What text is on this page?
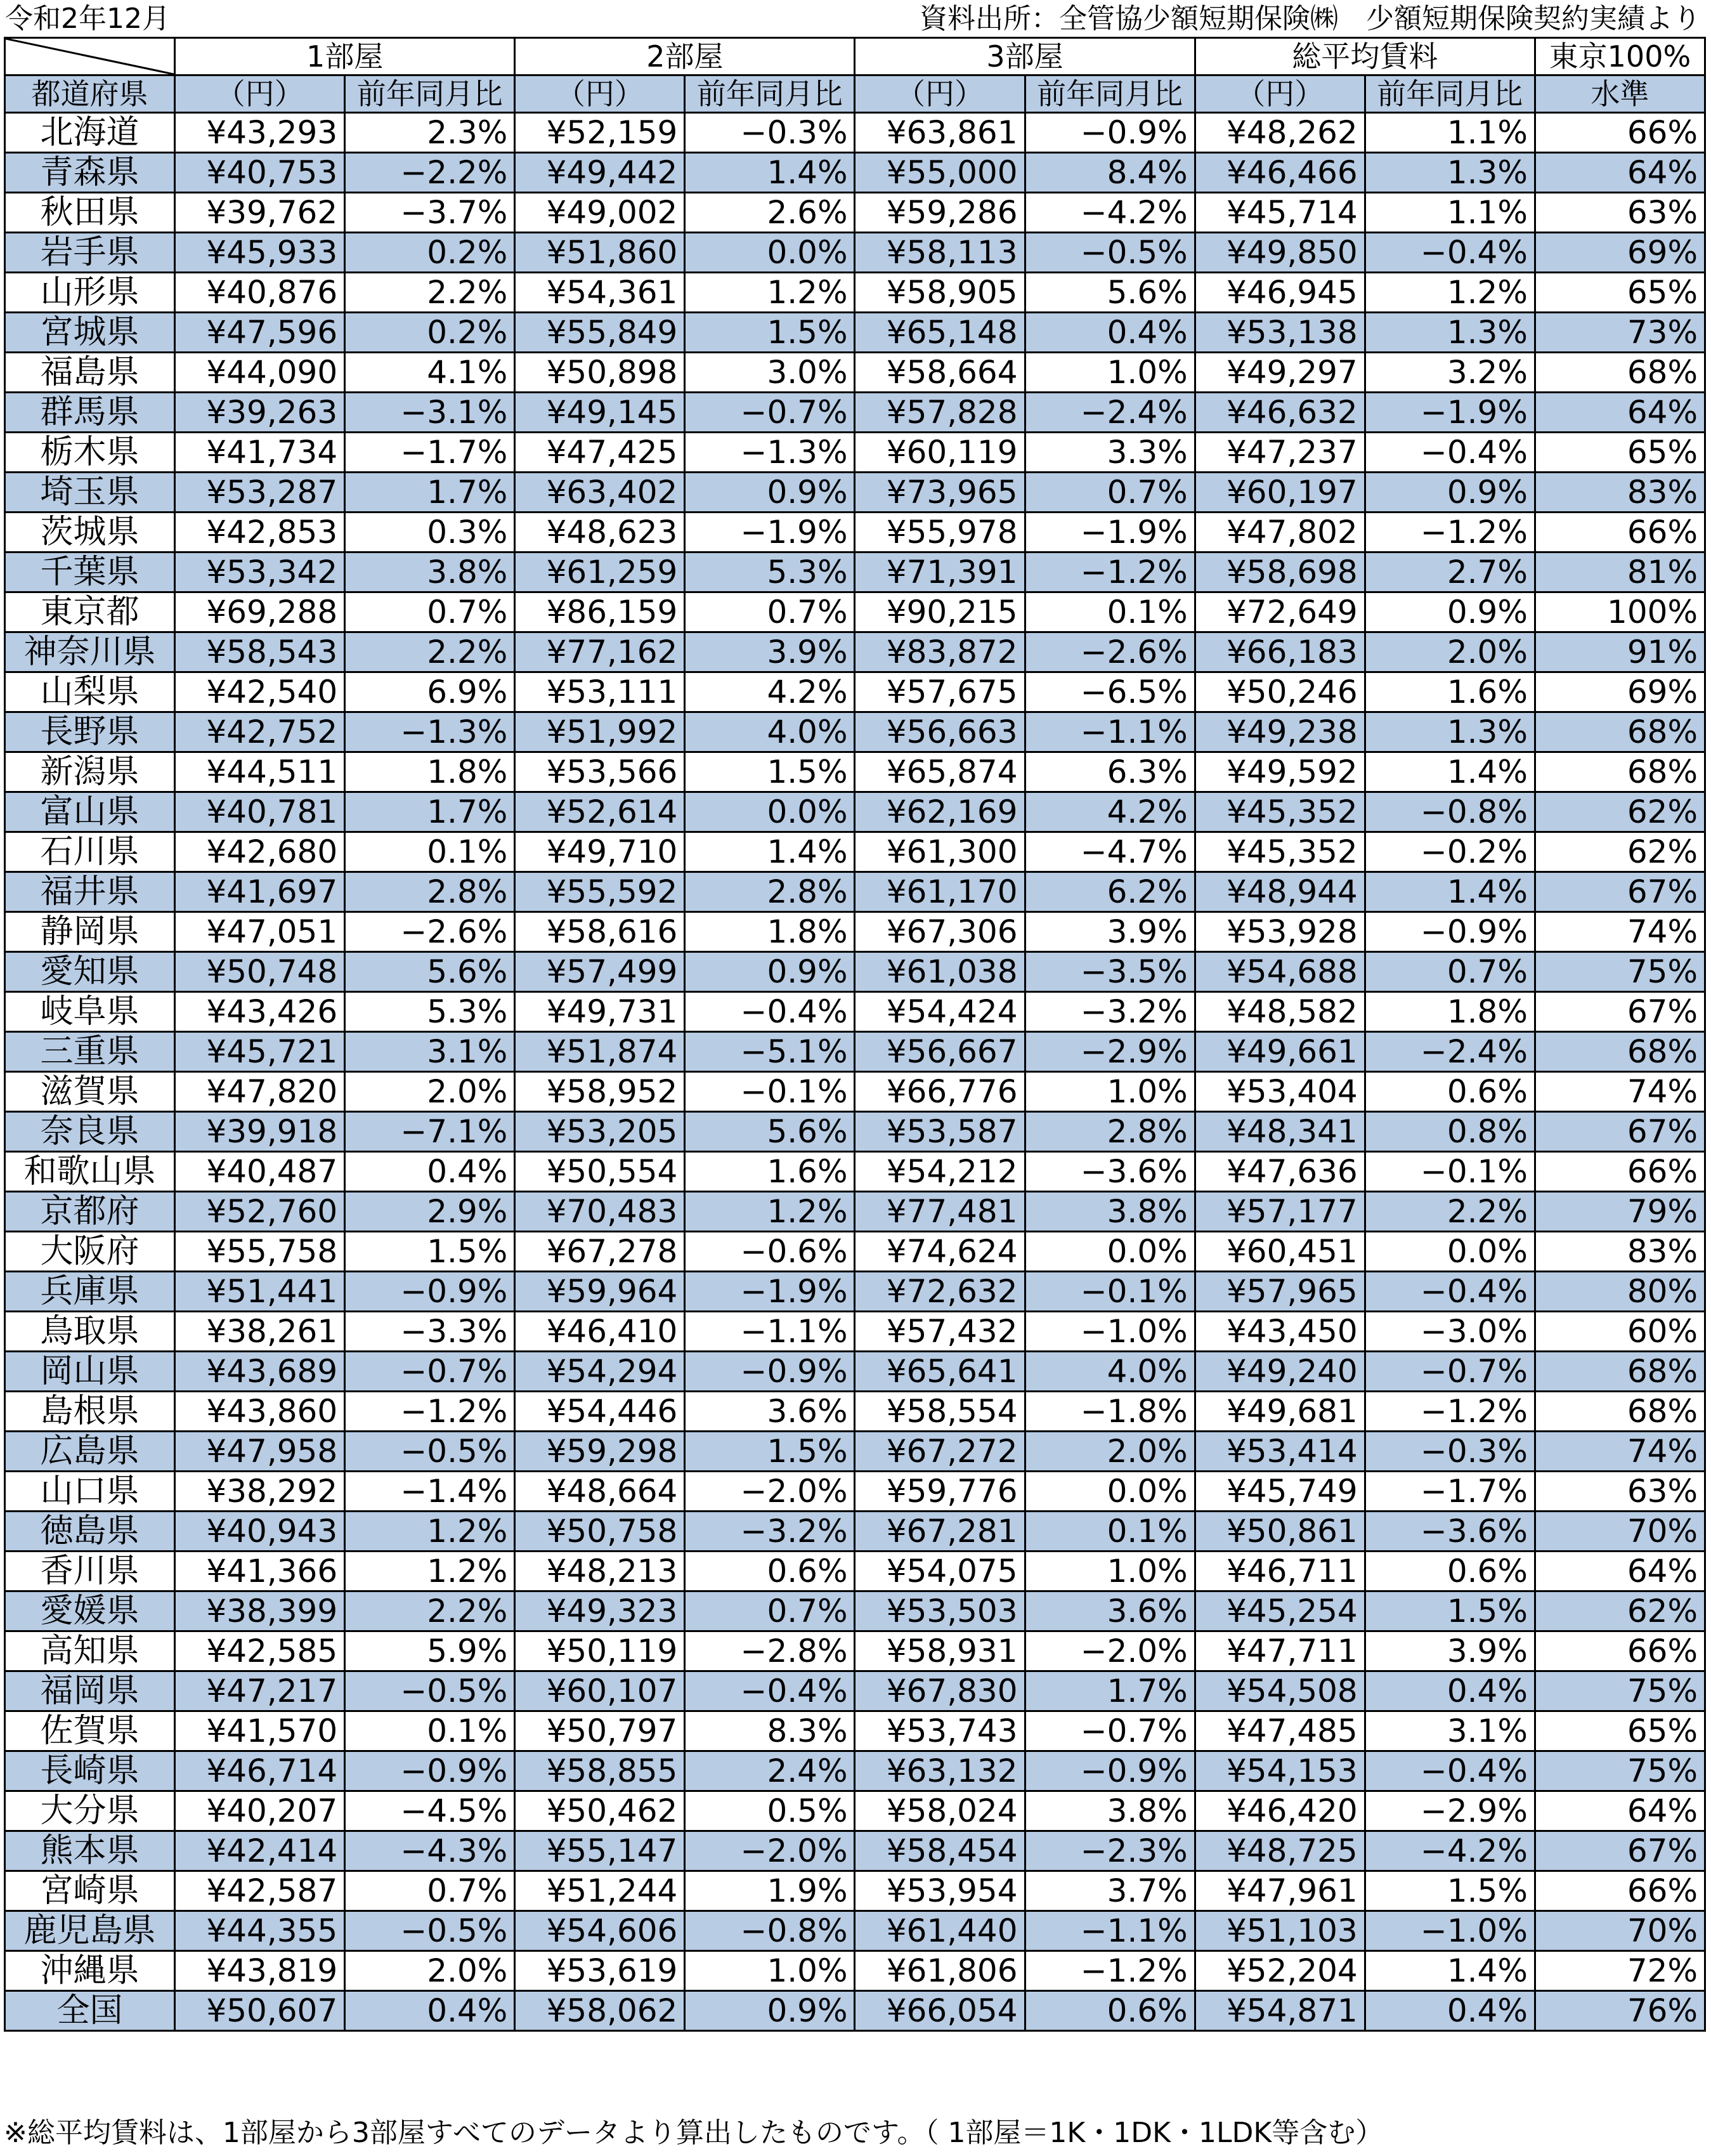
令和2年12月	資料出所：全管協少額短期保険㈱　少額短期保険契約実績より
	1部屋		2部屋		3部屋		総平均賃料		東京100%
都道府県	（円）	前年同月比	（円）	前年同月比	（円）	前年同月比	（円）	前年同月比	水準
北海道	¥43,293	2.3%	¥52,159	−0.3%	¥63,861	−0.9%	¥48,262	1.1%	66%
青森県	¥40,753	−2.2%	¥49,442	1.4%	¥55,000	8.4%	¥46,466	1.3%	64%
秋田県	¥39,762	−3.7%	¥49,002	2.6%	¥59,286	−4.2%	¥45,714	1.1%	63%
岩手県	¥45,933	0.2%	¥51,860	0.0%	¥58,113	−0.5%	¥49,850	−0.4%	69%
山形県	¥40,876	2.2%	¥54,361	1.2%	¥58,905	5.6%	¥46,945	1.2%	65%
宮城県	¥47,596	0.2%	¥55,849	1.5%	¥65,148	0.4%	¥53,138	1.3%	73%
福島県	¥44,090	4.1%	¥50,898	3.0%	¥58,664	1.0%	¥49,297	3.2%	68%
群馬県	¥39,263	−3.1%	¥49,145	−0.7%	¥57,828	−2.4%	¥46,632	−1.9%	64%
栃木県	¥41,734	−1.7%	¥47,425	−1.3%	¥60,119	3.3%	¥47,237	−0.4%	65%
埼玉県	¥53,287	1.7%	¥63,402	0.9%	¥73,965	0.7%	¥60,197	0.9%	83%
茨城県	¥42,853	0.3%	¥48,623	−1.9%	¥55,978	−1.9%	¥47,802	−1.2%	66%
千葉県	¥53,342	3.8%	¥61,259	5.3%	¥71,391	−1.2%	¥58,698	2.7%	81%
東京都	¥69,288	0.7%	¥86,159	0.7%	¥90,215	0.1%	¥72,649	0.9%	100%
神奈川県	¥58,543	2.2%	¥77,162	3.9%	¥83,872	−2.6%	¥66,183	2.0%	91%
山梨県	¥42,540	6.9%	¥53,111	4.2%	¥57,675	−6.5%	¥50,246	1.6%	69%
長野県	¥42,752	−1.3%	¥51,992	4.0%	¥56,663	−1.1%	¥49,238	1.3%	68%
新潟県	¥44,511	1.8%	¥53,566	1.5%	¥65,874	6.3%	¥49,592	1.4%	68%
富山県	¥40,781	1.7%	¥52,614	0.0%	¥62,169	4.2%	¥45,352	−0.8%	62%
石川県	¥42,680	0.1%	¥49,710	1.4%	¥61,300	−4.7%	¥45,352	−0.2%	62%
福井県	¥41,697	2.8%	¥55,592	2.8%	¥61,170	6.2%	¥48,944	1.4%	67%
静岡県	¥47,051	−2.6%	¥58,616	1.8%	¥67,306	3.9%	¥53,928	−0.9%	74%
愛知県	¥50,748	5.6%	¥57,499	0.9%	¥61,038	−3.5%	¥54,688	0.7%	75%
岐阜県	¥43,426	5.3%	¥49,731	−0.4%	¥54,424	−3.2%	¥48,582	1.8%	67%
三重県	¥45,721	3.1%	¥51,874	−5.1%	¥56,667	−2.9%	¥49,661	−2.4%	68%
滋賀県	¥47,820	2.0%	¥58,952	−0.1%	¥66,776	1.0%	¥53,404	0.6%	74%
奈良県	¥39,918	−7.1%	¥53,205	5.6%	¥53,587	2.8%	¥48,341	0.8%	67%
和歌山県	¥40,487	0.4%	¥50,554	1.6%	¥54,212	−3.6%	¥47,636	−0.1%	66%
京都府	¥52,760	2.9%	¥70,483	1.2%	¥77,481	3.8%	¥57,177	2.2%	79%
大阪府	¥55,758	1.5%	¥67,278	−0.6%	¥74,624	0.0%	¥60,451	0.0%	83%
兵庫県	¥51,441	−0.9%	¥59,964	−1.9%	¥72,632	−0.1%	¥57,965	−0.4%	80%
鳥取県	¥38,261	−3.3%	¥46,410	−1.1%	¥57,432	−1.0%	¥43,450	−3.0%	60%
岡山県	¥43,689	−0.7%	¥54,294	−0.9%	¥65,641	4.0%	¥49,240	−0.7%	68%
島根県	¥43,860	−1.2%	¥54,446	3.6%	¥58,554	−1.8%	¥49,681	−1.2%	68%
広島県	¥47,958	−0.5%	¥59,298	1.5%	¥67,272	2.0%	¥53,414	−0.3%	74%
山口県	¥38,292	−1.4%	¥48,664	−2.0%	¥59,776	0.0%	¥45,749	−1.7%	63%
徳島県	¥40,943	1.2%	¥50,758	−3.2%	¥67,281	0.1%	¥50,861	−3.6%	70%
香川県	¥41,366	1.2%	¥48,213	0.6%	¥54,075	1.0%	¥46,711	0.6%	64%
愛媛県	¥38,399	2.2%	¥49,323	0.7%	¥53,503	3.6%	¥45,254	1.5%	62%
高知県	¥42,585	5.9%	¥50,119	−2.8%	¥58,931	−2.0%	¥47,711	3.9%	66%
福岡県	¥47,217	−0.5%	¥60,107	−0.4%	¥67,830	1.7%	¥54,508	0.4%	75%
佐賀県	¥41,570	0.1%	¥50,797	8.3%	¥53,743	−0.7%	¥47,485	3.1%	65%
長崎県	¥46,714	−0.9%	¥58,855	2.4%	¥63,132	−0.9%	¥54,153	−0.4%	75%
大分県	¥40,207	−4.5%	¥50,462	0.5%	¥58,024	3.8%	¥46,420	−2.9%	64%
熊本県	¥42,414	−4.3%	¥55,147	−2.0%	¥58,454	−2.3%	¥48,725	−4.2%	67%
宮崎県	¥42,587	0.7%	¥51,244	1.9%	¥53,954	3.7%	¥47,961	1.5%	66%
鹿児島県	¥44,355	−0.5%	¥54,606	−0.8%	¥61,440	−1.1%	¥51,103	−1.0%	70%
沖縄県	¥43,819	2.0%	¥53,619	1.0%	¥61,806	−1.2%	¥52,204	1.4%	72%
全国	¥50,607	0.4%	¥58,062	0.9%	¥66,054	0.6%	¥54,871	0.4%	76%
※総平均賃料は、1部屋から3部屋すべてのデータより算出したものです。（ 1部屋＝1K・1DK・1LDK等含む）
